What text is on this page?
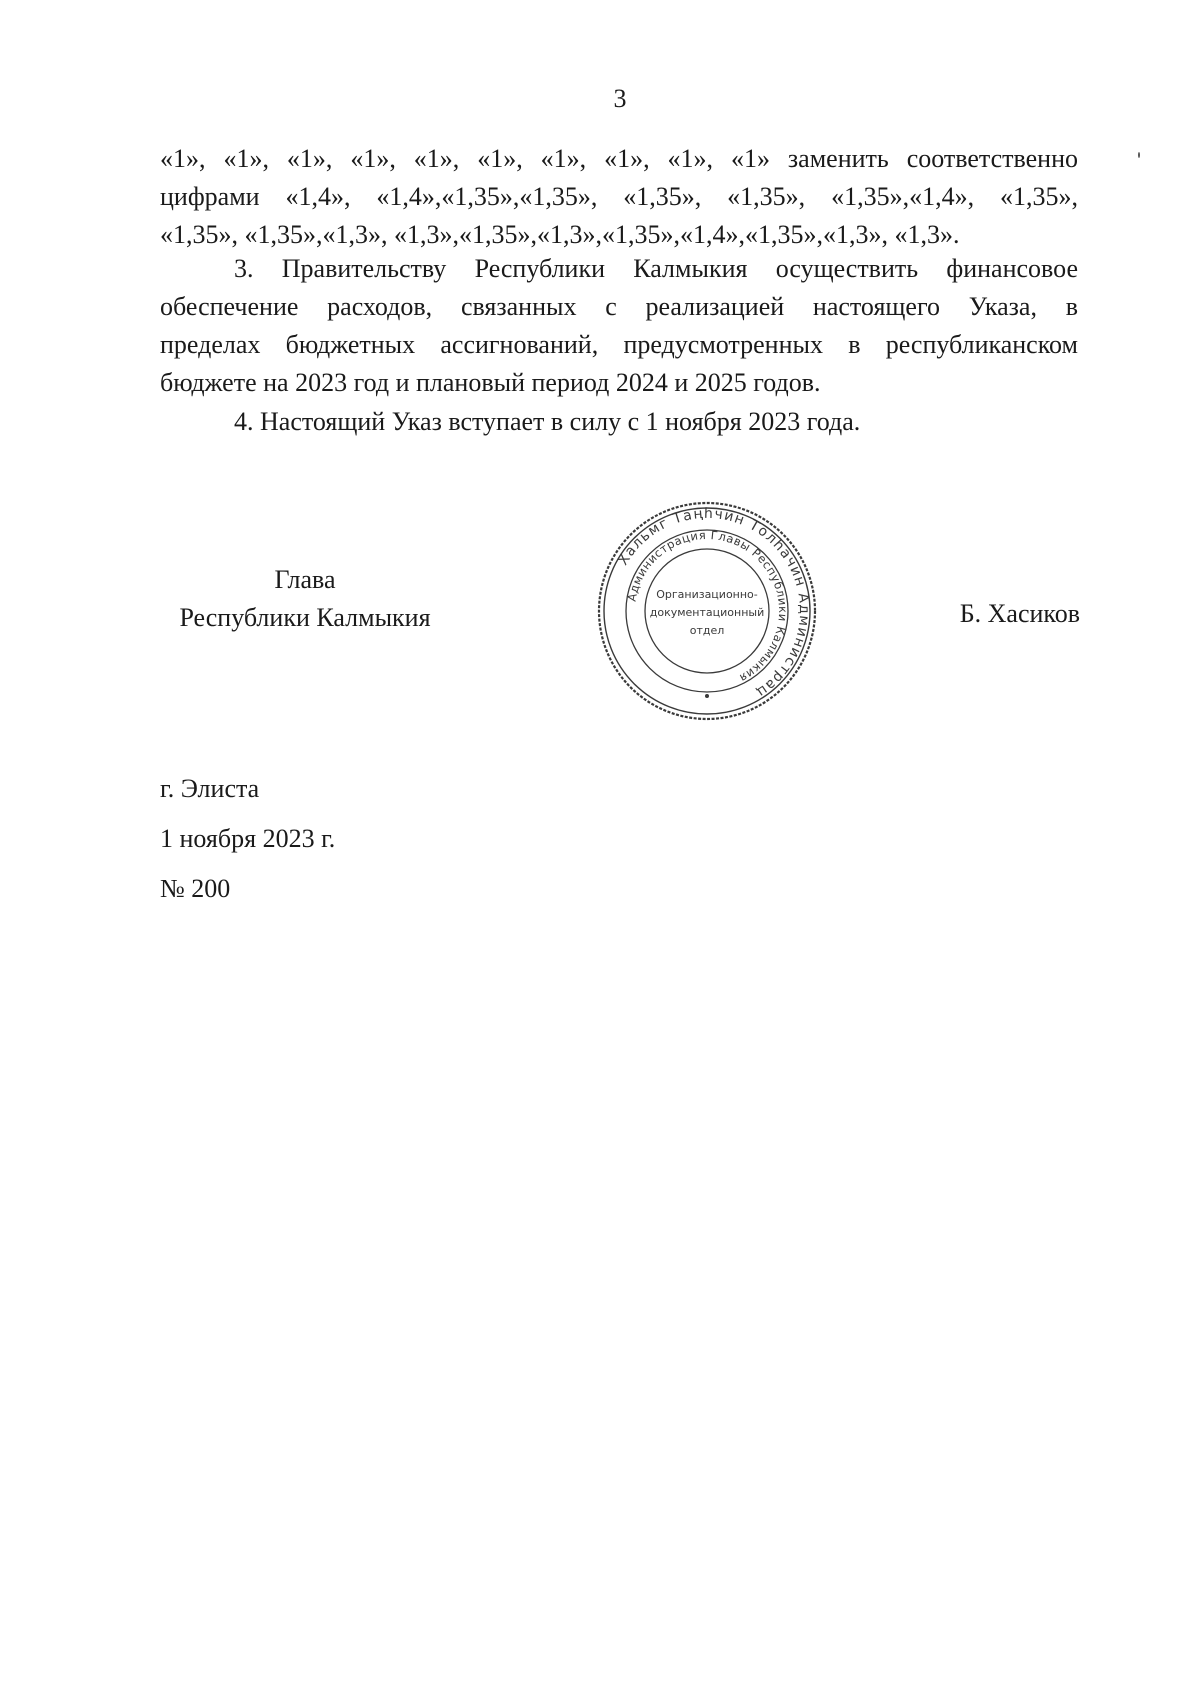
3
«1», «1», «1», «1», «1», «1», «1», «1», «1», «1» заменить соответственно
цифрами «1,4», «1,4»,«1,35»,«1,35», «1,35», «1,35», «1,35»,«1,4», «1,35»,
«1,35», «1,35»,«1,3», «1,3»,«1,35»,«1,3»,«1,35»,«1,4»,«1,35»,«1,3», «1,3».
3. Правительству Республики Калмыкия осуществить финансовое
обеспечение расходов, связанных с реализацией настоящего Указа, в
пределах бюджетных ассигнований, предусмотренных в республиканском
бюджете на 2023 год и плановый период 2024 и 2025 годов.
4. Настоящий Указ вступает в силу с 1 ноября 2023 года.
Глава
Республики Калмыкия
Хальмг Таңһчин Толһачин Администрац
Администрация Главы Республики Калмыкия
Организационно-
документационный
отдел
Б. Хасиков
г. Элиста
1 ноября 2023 г.
№ 200
